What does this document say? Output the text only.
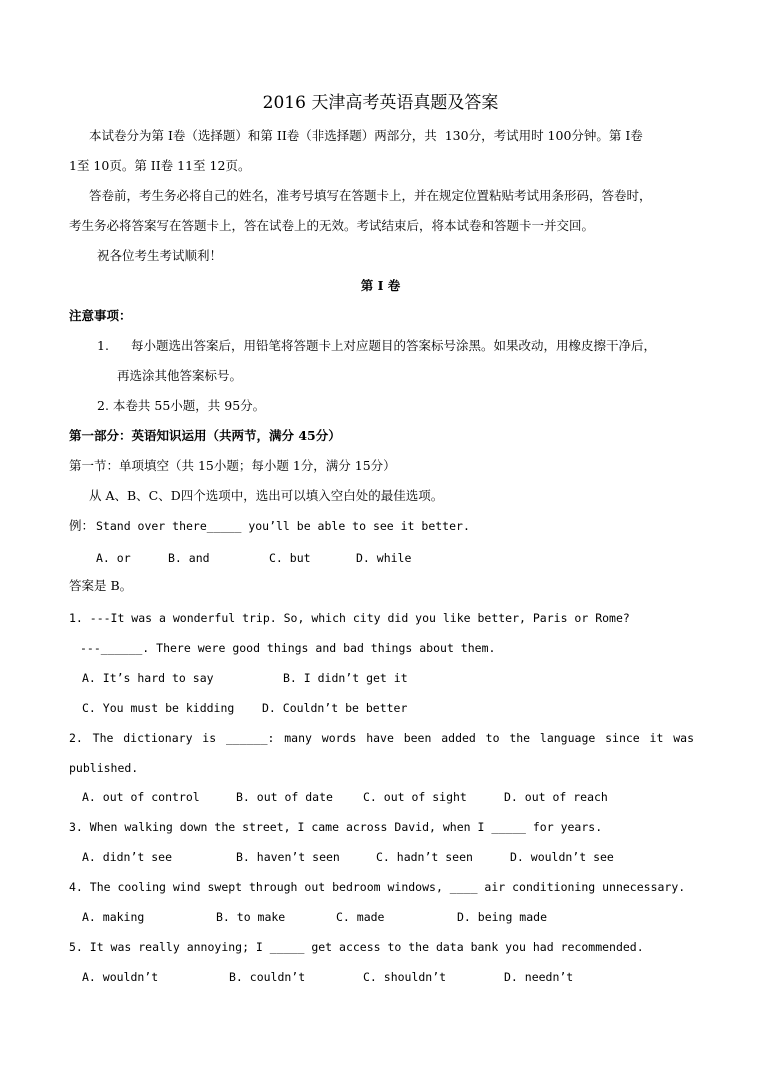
2016 天津高考英语真题及答案
本试卷分为第 I卷（选择题）和第 II卷（非选择题）两部分，共  130分，考试用时 100分钟。第 I卷
1至 10页。第 II卷 11至 12页。
答卷前，考生务必将自己的姓名，准考号填写在答题卡上，并在规定位置粘贴考试用条形码，答卷时，
考生务必将答案写在答题卡上，答在试卷上的无效。考试结束后，将本试卷和答题卡一并交回。
祝各位考生考试顺利！
第 I 卷
注意事项：
1. 每小题选出答案后，用铅笔将答题卡上对应题目的答案标号涂黑。如果改动，用橡皮擦干净后，
再选涂其他答案标号。
2. 本卷共 55小题，共 95分。
第一部分：英语知识运用（共两节，满分 45分）
第一节：单项填空（共 15小题；每小题 1分，满分 15分）
从 A、B、C、D四个选项中，选出可以填入空白处的最佳选项。
例： Stand over there_____ you’ll be able to see it better.
A. or	B. and	C. but	D. while
答案是 B。
1. ---It was a wonderful trip. So, which city did you like better, Paris or Rome?
---______. There were good things and bad things about them.
A. It’s hard to say	B. I didn’t get it
C. You must be kidding D. Couldn’t be better
2. The dictionary is ______: many words have been added to the language since it was
published.
A. out of control	B. out of date	C. out of sight	D. out of reach
3. When walking down the street, I came across David, when I _____ for years.
A. didn’t see	B. haven’t seen	C. hadn’t seen	D. wouldn’t see
4. The cooling wind swept through out bedroom windows, ____ air conditioning unnecessary.
A. making	B. to make	C. made	D. being made
5. It was really annoying; I _____ get access to the data bank you had recommended.
A. wouldn’t	B. couldn’t	C. shouldn’t	D. needn’t
